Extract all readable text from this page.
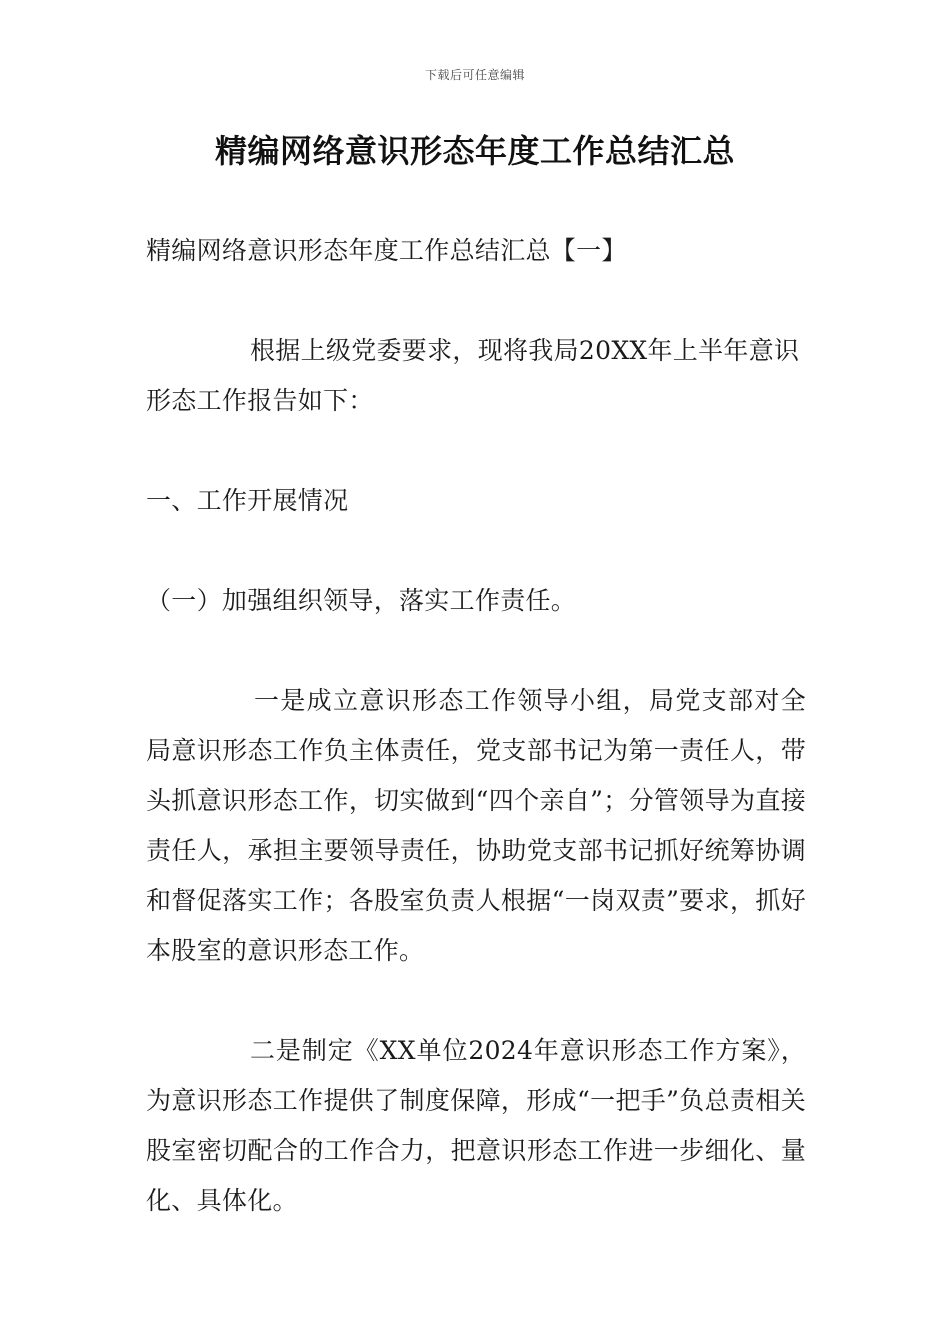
下载后可任意编辑
精编网络意识形态年度工作总结汇总

精编网络意识形态年度工作总结汇总【一】

根据上级党委要求，现将我局20XX年上半年意识形态工作报告如下：

一、工作开展情况

（一）加强组织领导，落实工作责任。

一是成立意识形态工作领导小组，局党支部对全局意识形态工作负主体责任，党支部书记为第一责任人，带头抓意识形态工作，切实做到“四个亲自”；分管领导为直接责任人，承担主要领导责任，协助党支部书记抓好统筹协调和督促落实工作；各股室负责人根据“一岗双责”要求，抓好本股室的意识形态工作。

二是制定《XX单位2024年意识形态工作方案》，为意识形态工作提供了制度保障，形成“一把手”负总责相关股室密切配合的工作合力，把意识形态工作进一步细化、量化、具体化。
